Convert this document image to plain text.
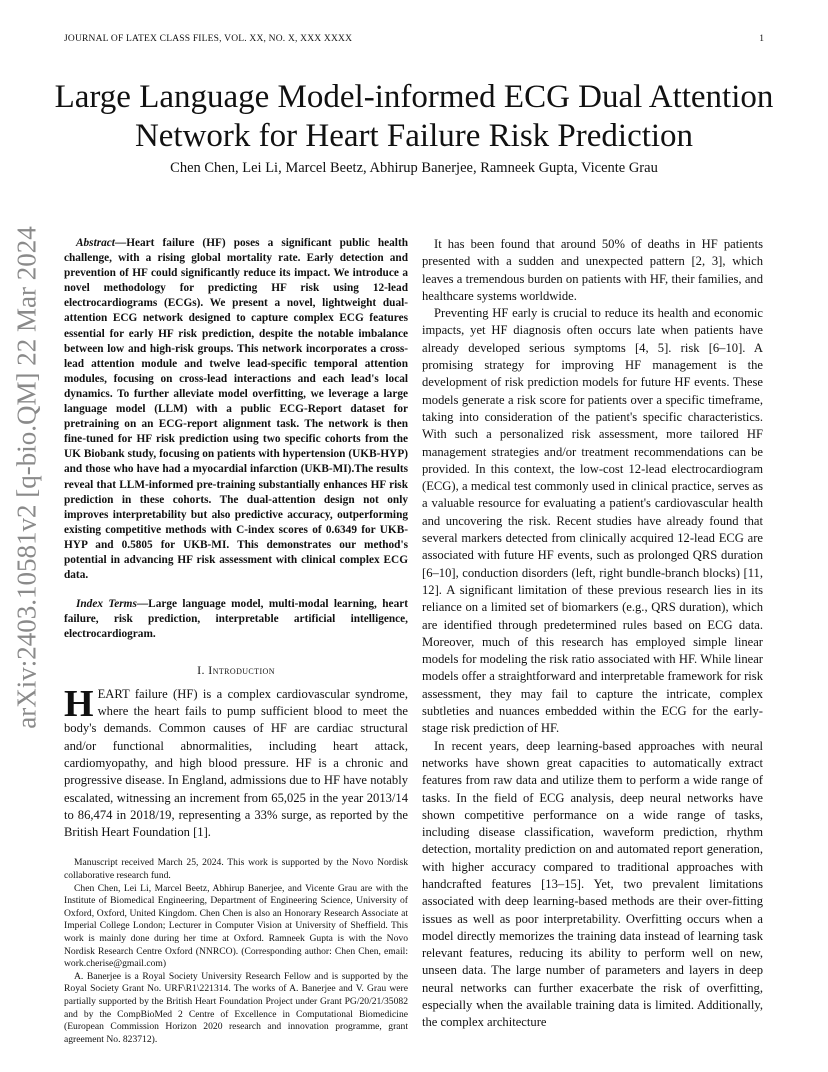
JOURNAL OF LATEX CLASS FILES, VOL. XX, NO. X, XXX XXXX	1
arXiv:2403.10581v2 [q-bio.QM] 22 Mar 2024
Large Language Model-informed ECG Dual Attention Network for Heart Failure Risk Prediction
Chen Chen, Lei Li, Marcel Beetz, Abhirup Banerjee, Ramneek Gupta, Vicente Grau

Abstract—Heart failure (HF) poses a significant public health challenge, with a rising global mortality rate. Early detection and prevention of HF could significantly reduce its impact. We introduce a novel methodology for predicting HF risk using 12-lead electrocardiograms (ECGs). We present a novel, lightweight dual-attention ECG network designed to capture complex ECG features essential for early HF risk prediction, despite the notable imbalance between low and high-risk groups. This network incorporates a cross-lead attention module and twelve lead-specific temporal attention modules, focusing on cross-lead interactions and each lead's local dynamics. To further alleviate model overfitting, we leverage a large language model (LLM) with a public ECG-Report dataset for pretraining on an ECG-report alignment task. The network is then fine-tuned for HF risk prediction using two specific cohorts from the UK Biobank study, focusing on patients with hypertension (UKB-HYP) and those who have had a myocardial infarction (UKB-MI).The results reveal that LLM-informed pre-training substantially enhances HF risk prediction in these cohorts. The dual-attention design not only improves interpretability but also predictive accuracy, outperforming existing competitive methods with C-index scores of 0.6349 for UKB-HYP and 0.5805 for UKB-MI. This demonstrates our method's potential in advancing HF risk assessment with clinical complex ECG data.

Index Terms—Large language model, multi-modal learning, heart failure, risk prediction, interpretable artificial intelligence, electrocardiogram.

I. Introduction

HEART failure (HF) is a complex cardiovascular syndrome, where the heart fails to pump sufficient blood to meet the body's demands. Common causes of HF are cardiac structural and/or functional abnormalities, including heart attack, cardiomyopathy, and high blood pressure. HF is a chronic and progressive disease. In England, admissions due to HF have notably escalated, witnessing an increment from 65,025 in the year 2013/14 to 86,474 in 2018/19, representing a 33% surge, as reported by the British Heart Foundation [1].

Manuscript received March 25, 2024. This work is supported by the Novo Nordisk collaborative research fund.

Chen Chen, Lei Li, Marcel Beetz, Abhirup Banerjee, and Vicente Grau are with the Institute of Biomedical Engineering, Department of Engineering Science, University of Oxford, Oxford, United Kingdom. Chen Chen is also an Honorary Research Associate at Imperial College London; Lecturer in Computer Vision at University of Sheffield. This work is mainly done during her time at Oxford. Ramneek Gupta is with the Novo Nordisk Research Centre Oxford (NNRCO). (Corresponding author: Chen Chen, email: work.cherise@gmail.com)

A. Banerjee is a Royal Society University Research Fellow and is supported by the Royal Society Grant No. URF\R1\221314. The works of A. Banerjee and V. Grau were partially supported by the British Heart Foundation Project under Grant PG/20/21/35082 and by the CompBioMed 2 Centre of Excellence in Computational Biomedicine (European Commission Horizon 2020 research and innovation programme, grant agreement No. 823712).

It has been found that around 50% of deaths in HF patients presented with a sudden and unexpected pattern [2, 3], which leaves a tremendous burden on patients with HF, their families, and healthcare systems worldwide.

Preventing HF early is crucial to reduce its health and economic impacts, yet HF diagnosis often occurs late when patients have already developed serious symptoms [4, 5]. risk [6–10]. A promising strategy for improving HF management is the development of risk prediction models for future HF events. These models generate a risk score for patients over a specific timeframe, taking into consideration of the patient's specific characteristics. With such a personalized risk assessment, more tailored HF management strategies and/or treatment recommendations can be provided. In this context, the low-cost 12-lead electrocardiogram (ECG), a medical test commonly used in clinical practice, serves as a valuable resource for evaluating a patient's cardiovascular health and uncovering the risk. Recent studies have already found that several markers detected from clinically acquired 12-lead ECG are associated with future HF events, such as prolonged QRS duration [6–10], conduction disorders (left, right bundle-branch blocks) [11, 12]. A significant limitation of these previous research lies in its reliance on a limited set of biomarkers (e.g., QRS duration), which are identified through predetermined rules based on ECG data. Moreover, much of this research has employed simple linear models for modeling the risk ratio associated with HF. While linear models offer a straightforward and interpretable framework for risk assessment, they may fail to capture the intricate, complex subtleties and nuances embedded within the ECG for the early-stage risk prediction of HF.

In recent years, deep learning-based approaches with neural networks have shown great capacities to automatically extract features from raw data and utilize them to perform a wide range of tasks. In the field of ECG analysis, deep neural networks have shown competitive performance on a wide range of tasks, including disease classification, waveform prediction, rhythm detection, mortality prediction on and automated report generation, with higher accuracy compared to traditional approaches with handcrafted features [13–15]. Yet, two prevalent limitations associated with deep learning-based methods are their over-fitting issues as well as poor interpretability. Overfitting occurs when a model directly memorizes the training data instead of learning task relevant features, reducing its ability to perform well on new, unseen data. The large number of parameters and layers in deep neural networks can further exacerbate the risk of overfitting, especially when the available training data is limited. Additionally, the complex architecture
